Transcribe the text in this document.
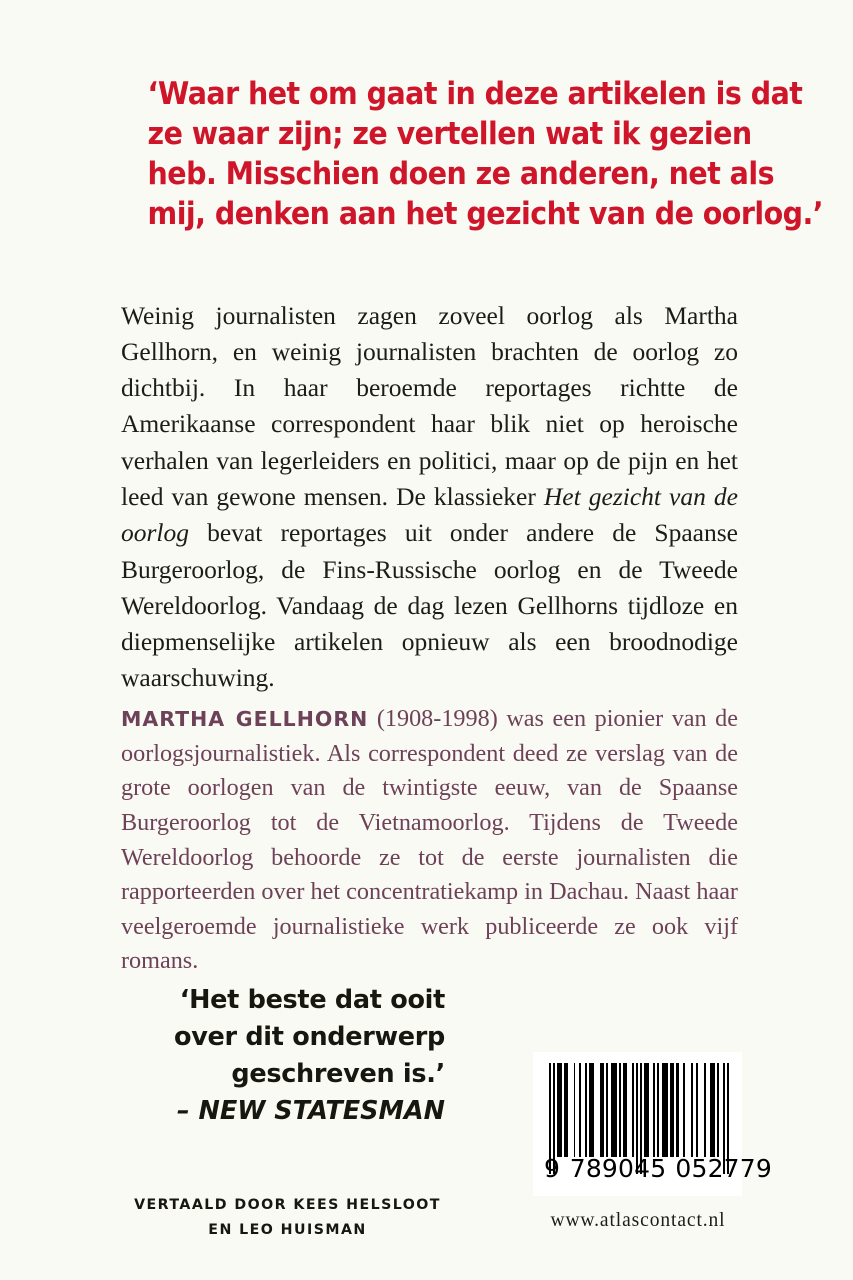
‘Waar het om gaat in deze artikelen is dat
ze waar zijn; ze vertellen wat ik gezien
heb. Misschien doen ze anderen, net als
mij, denken aan het gezicht van de oorlog.’

Weinig journalisten zagen zoveel oorlog als Martha Gellhorn, en weinig journalisten brachten de oorlog zo dichtbij. In haar beroemde reportages richtte de Amerikaanse correspondent haar blik niet op heroische verhalen van legerleiders en politici, maar op de pijn en het leed van gewone mensen. De klassieker Het gezicht van de oorlog bevat reportages uit onder andere de Spaanse Burgeroorlog, de Fins-Russische oorlog en de Tweede Wereldoorlog. Vandaag de dag lezen Gellhorns tijdloze en diepmenselijke artikelen opnieuw als een broodnodige waarschuwing.

MARTHA GELLHORN (1908-1998) was een pionier van de oorlogsjournalistiek. Als correspondent deed ze verslag van de grote oorlogen van de twintigste eeuw, van de Spaanse Burgeroorlog tot de Vietnamoorlog. Tijdens de Tweede Wereldoorlog behoorde ze tot de eerste journalisten die rapporteerden over het concentratiekamp in Dachau. Naast haar veelgeroemde journalistieke werk publiceerde ze ook vijf romans.

‘Het beste dat ooit
over dit onderwerp
geschreven is.’
– NEW STATESMAN
VERTAALD DOOR KEES HELSLOOT
EN LEO HUISMAN
9 789045 052779
www.atlascontact.nl
